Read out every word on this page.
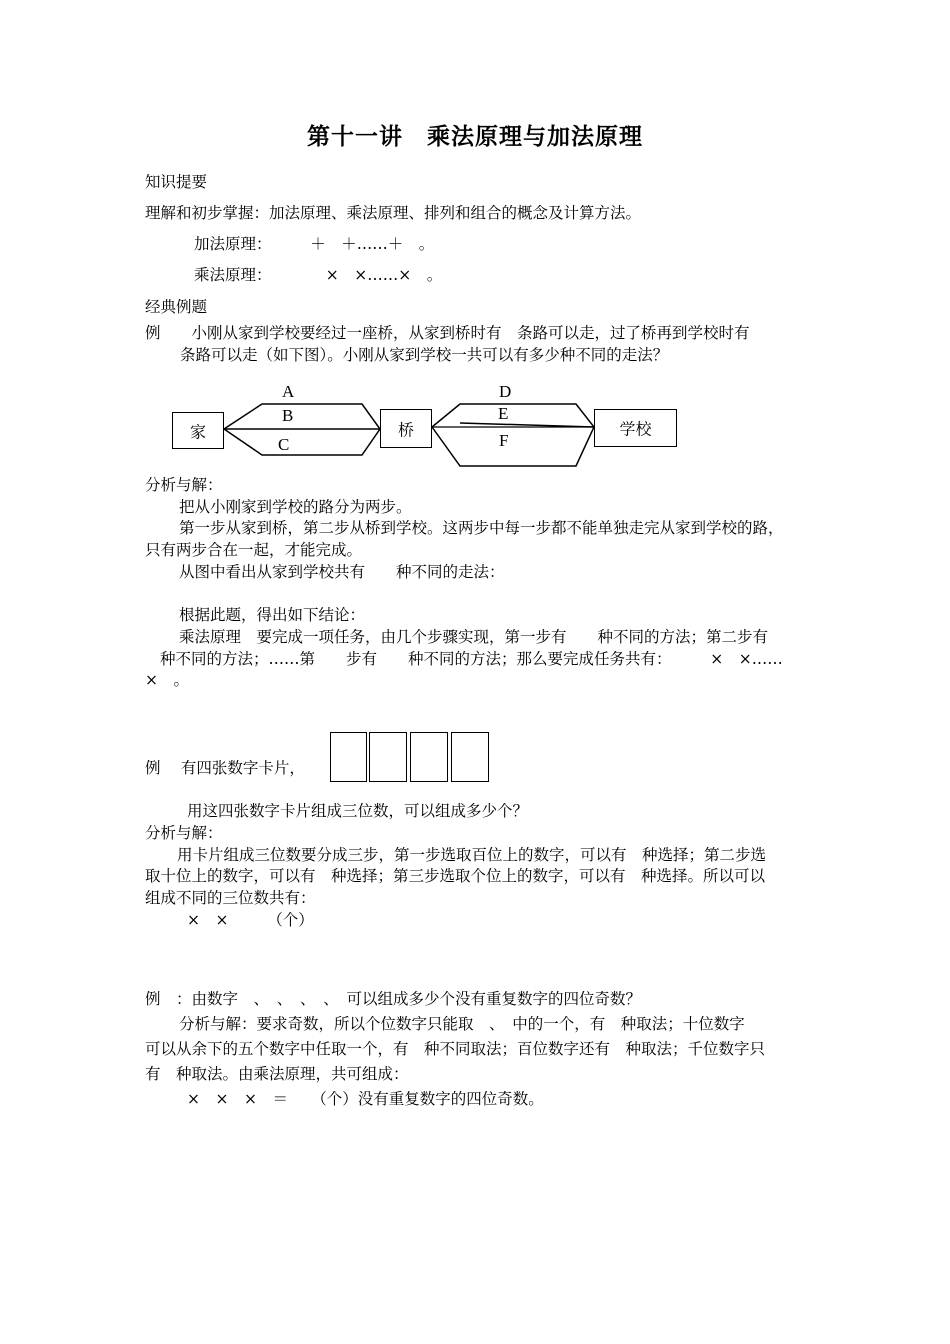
第十一讲　乘法原理与加法原理
知识提要
理解和初步掌握：加法原理、乘法原理、排列和组合的概念及计算方法。
加法原理：　　　＋　＋……＋　。
乘法原理：　　　　×　×……×　。
经典例题
例　　小刚从家到学校要经过一座桥，从家到桥时有　条路可以走，过了桥再到学校时有
条路可以走（如下图）。小刚从家到学校一共可以有多少种不同的走法？
家	桥	学校
A
B
C
D
E
F
分析与解：
把从小刚家到学校的路分为两步。
第一步从家到桥，第二步从桥到学校。这两步中每一步都不能单独走完从家到学校的路，
只有两步合在一起，才能完成。
从图中看出从家到学校共有　　种不同的走法：
根据此题，得出如下结论：
乘法原理　要完成一项任务，由几个步骤实现，第一步有　　种不同的方法；第二步有
种不同的方法；……第　　步有　　种不同的方法；那么要完成任务共有：　　　×　×……
×　。
例　 有四张数字卡片，
用这四张数字卡片组成三位数，可以组成多少个？
分析与解：
用卡片组成三位数要分成三步，第一步选取百位上的数字，可以有　种选择；第二步选
取十位上的数字，可以有　种选择；第三步选取个位上的数字，可以有　种选择。所以可以
组成不同的三位数共有：
×　×　　　（个）
例　：由数字　、　、　、　、　可以组成多少个没有重复数字的四位奇数？
分析与解：要求奇数，所以个位数字只能取　、　中的一个，有　种取法；十位数字
可以从余下的五个数字中任取一个，有　种不同取法；百位数字还有　种取法；千位数字只
有　种取法。由乘法原理，共可组成：
×　×　×　＝　　（个）没有重复数字的四位奇数。
